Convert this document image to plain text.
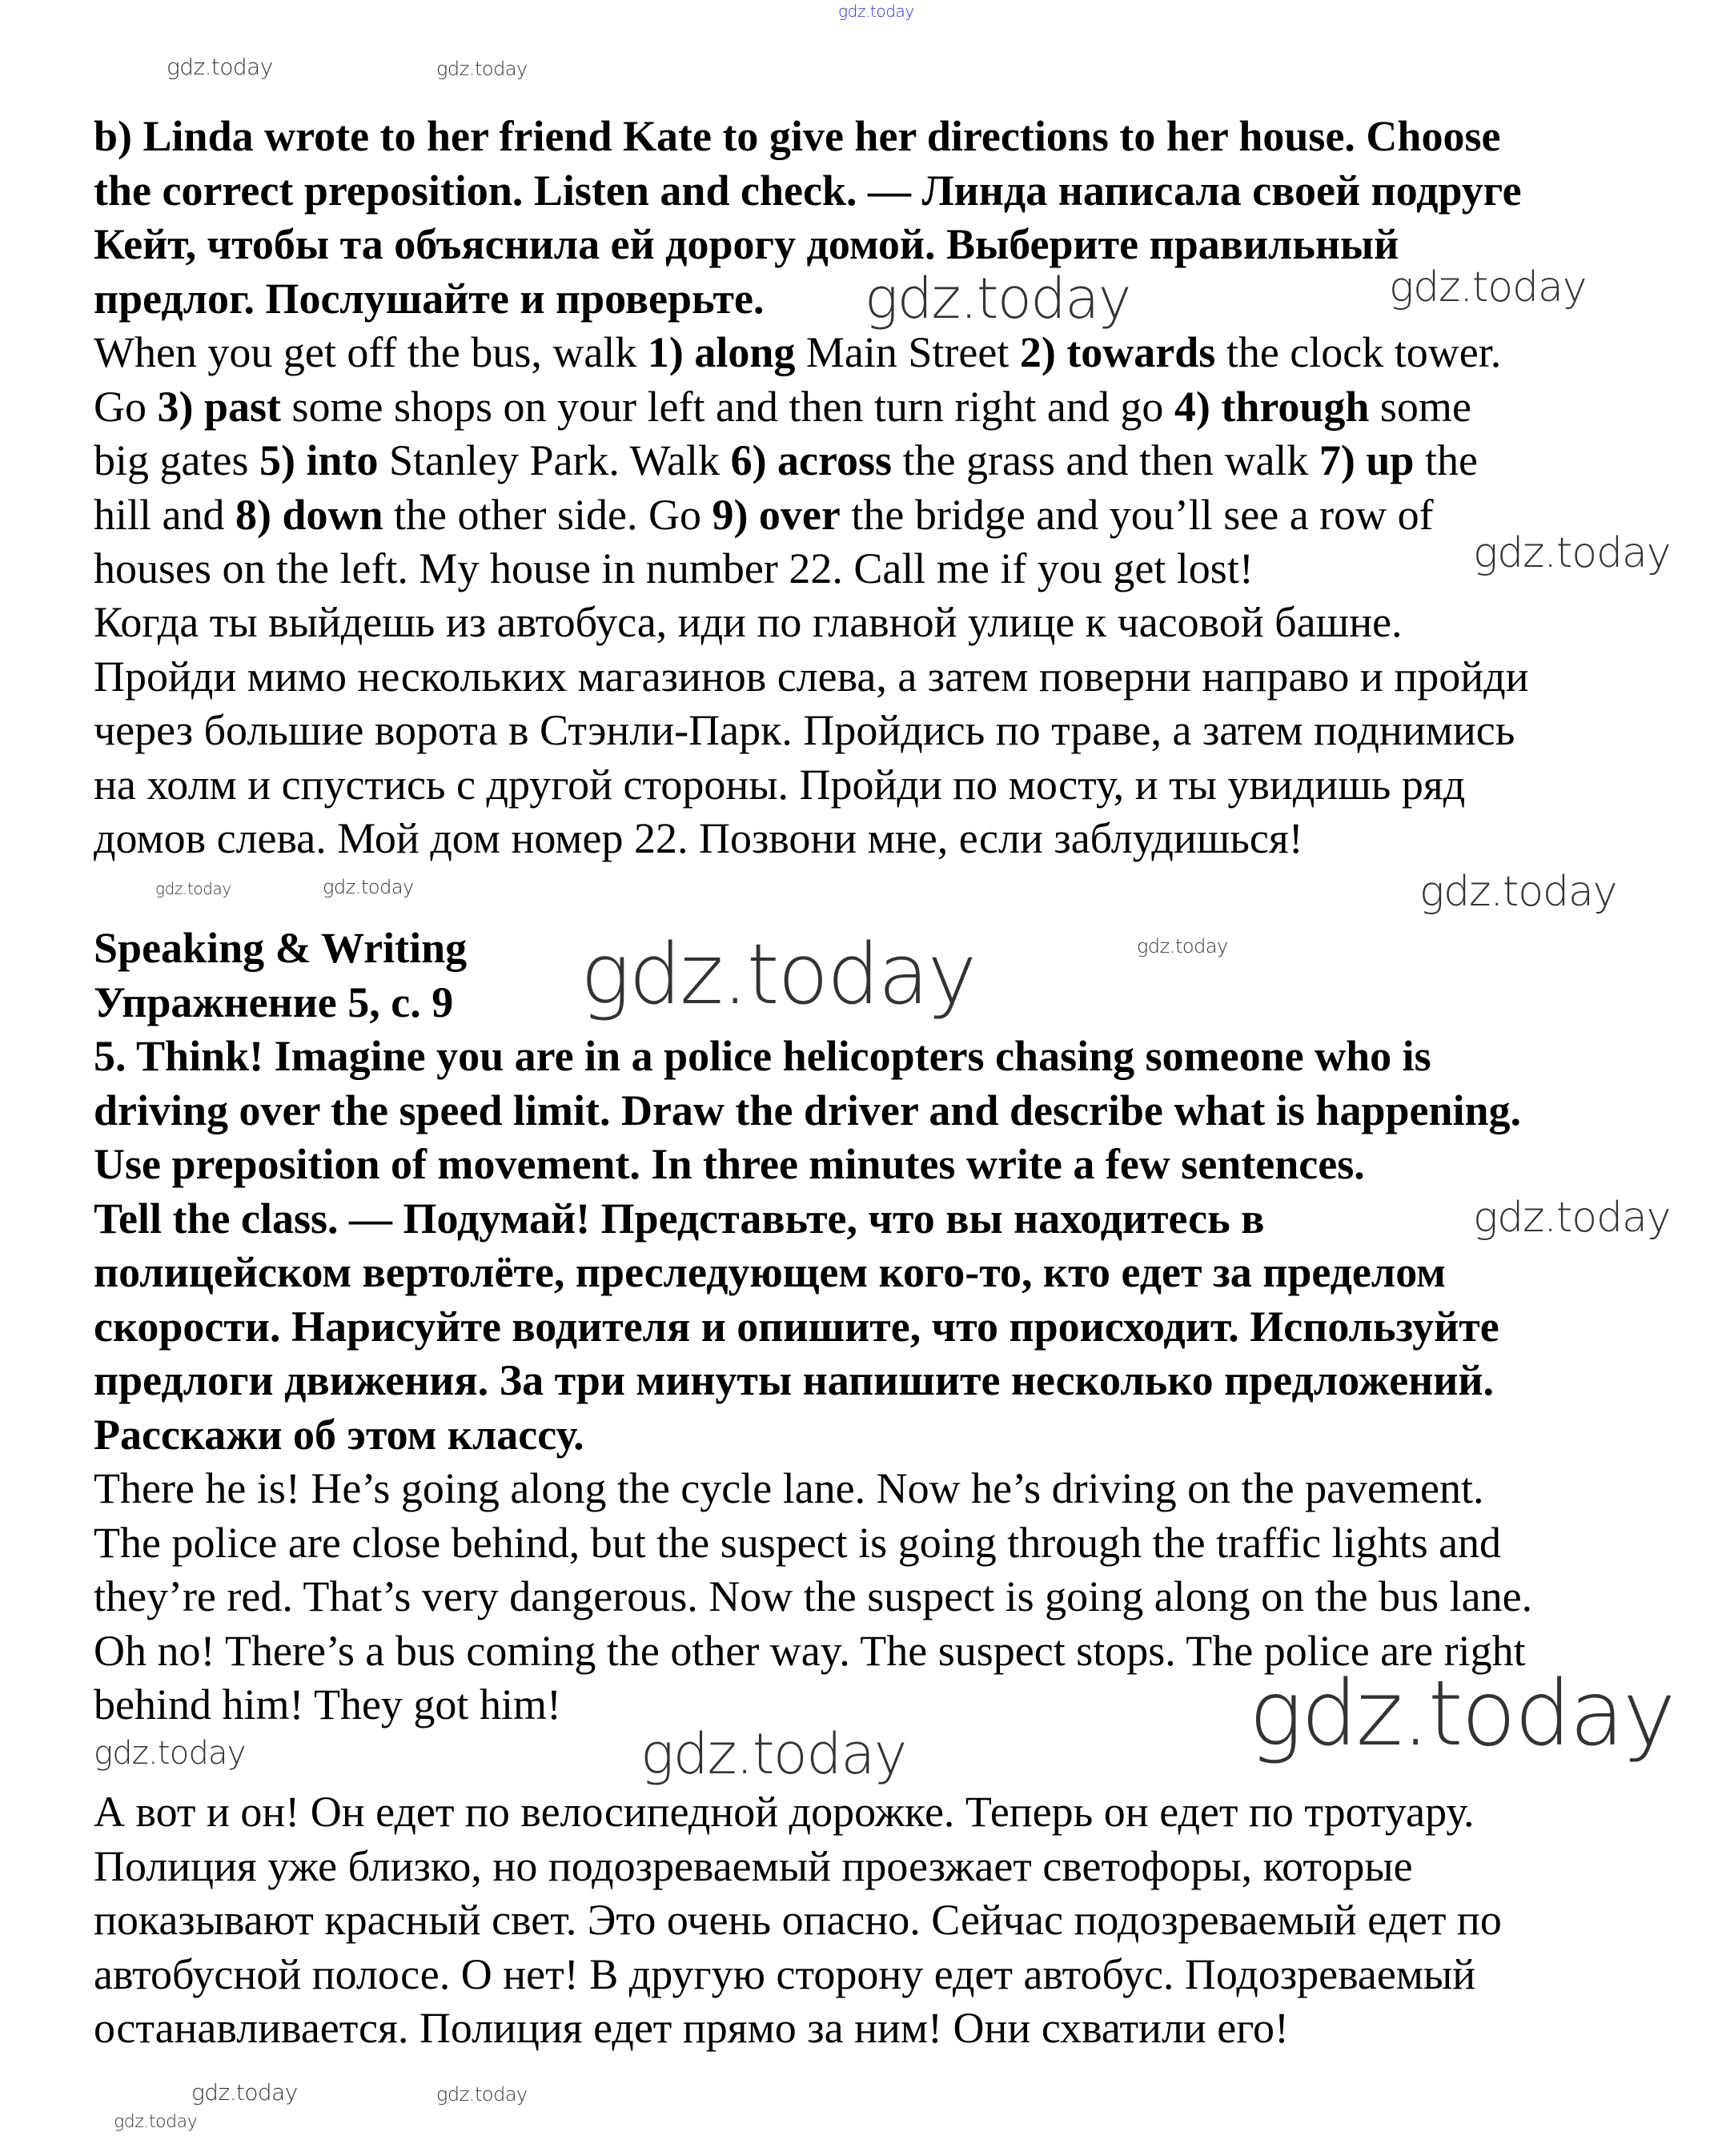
b) Linda wrote to her friend Kate to give her directions to her house. Choose
the correct preposition. Listen and check. — Линда написала своей подруге
Кейт, чтобы та объяснила ей дорогу домой. Выберите правильный
предлог. Послушайте и проверьте.
When you get off the bus, walk 1) along Main Street 2) towards the clock tower.
Go 3) past some shops on your left and then turn right and go 4) through some
big gates 5) into Stanley Park. Walk 6) across the grass and then walk 7) up the
hill and 8) down the other side. Go 9) over the bridge and you’ll see a row of
houses on the left. My house in number 22. Call me if you get lost!
Когда ты выйдешь из автобуса, иди по главной улице к часовой башне.
Пройди мимо нескольких магазинов слева, а затем поверни направо и пройди
через большие ворота в Стэнли-Парк. Пройдись по траве, а затем поднимись
на холм и спустись с другой стороны. Пройди по мосту, и ты увидишь ряд
домов слева. Мой дом номер 22. Позвони мне, если заблудишься!
Speaking & Writing
Упражнение 5, с. 9
5. Think! Imagine you are in a police helicopters chasing someone who is
driving over the speed limit. Draw the driver and describe what is happening.
Use preposition of movement. In three minutes write a few sentences.
Tell the class. — Подумай! Представьте, что вы находитесь в
полицейском вертолёте, преследующем кого-то, кто едет за пределом
скорости. Нарисуйте водителя и опишите, что происходит. Используйте
предлоги движения. За три минуты напишите несколько предложений.
Расскажи об этом классу.
There he is! He’s going along the cycle lane. Now he’s driving on the pavement.
The police are close behind, but the suspect is going through the traffic lights and
they’re red. That’s very dangerous. Now the suspect is going along on the bus lane.
Oh no! There’s a bus coming the other way. The suspect stops. The police are right
behind him! They got him!
А вот и он! Он едет по велосипедной дорожке. Теперь он едет по тротуару.
Полиция уже близко, но подозреваемый проезжает светофоры, которые
показывают красный свет. Это очень опасно. Сейчас подозреваемый едет по
автобусной полосе. О нет! В другую сторону едет автобус. Подозреваемый
останавливается. Полиция едет прямо за ним! Они схватили его!
gdz.today
gdz.today	gdz.today
gdz.today	gdz.today
gdz.today	gdz.today
gdz.today	gdz.today
gdz.today
gdz.today
gdz.today
gdz.today
gdz.today
gdz.today	gdz.today
gdz.today
gdz.today
